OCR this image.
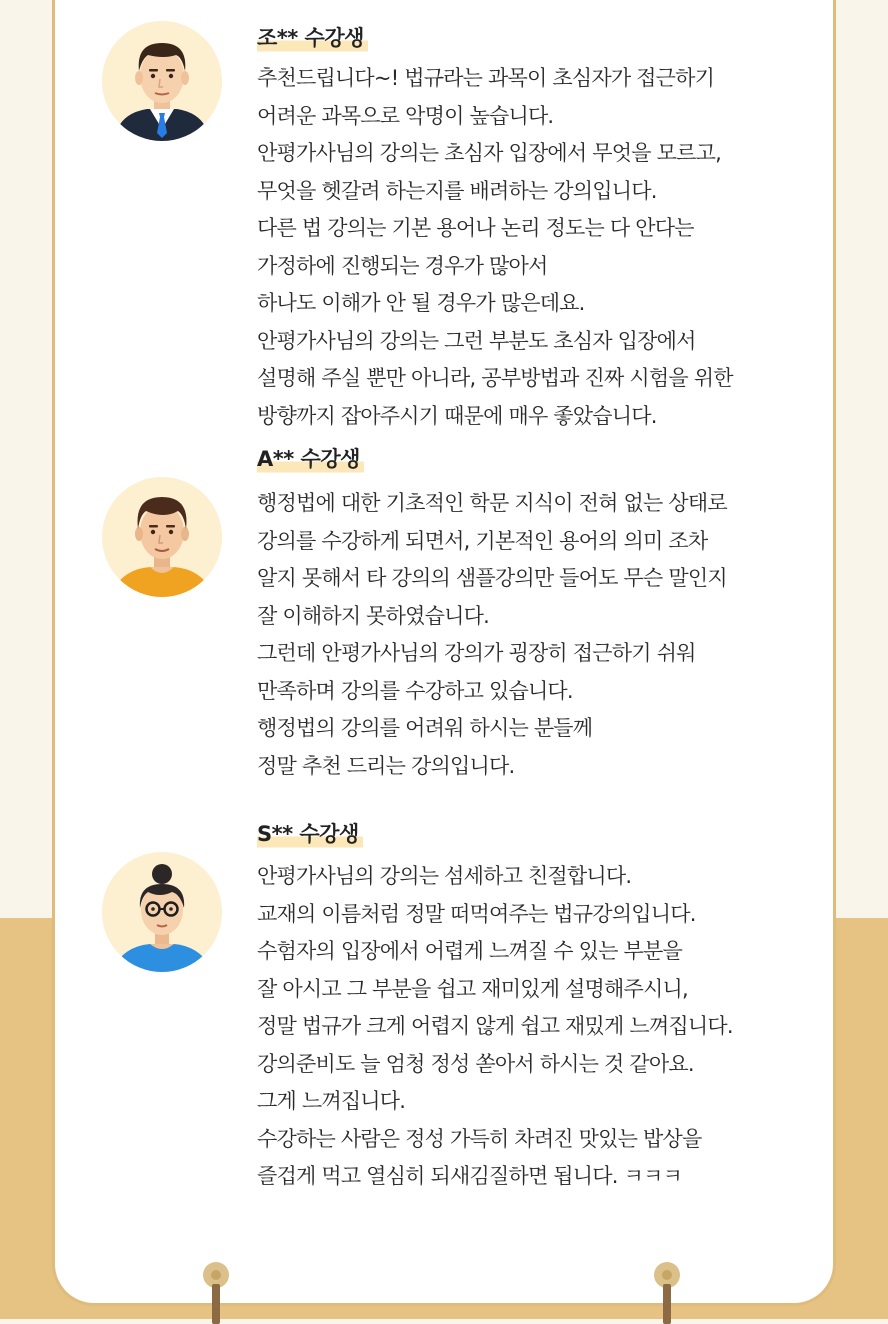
조** 수강생
추천드립니다~! 법규라는 과목이 초심자가 접근하기
어려운 과목으로 악명이 높습니다.
안평가사님의 강의는 초심자 입장에서 무엇을 모르고,
무엇을 헷갈려 하는지를 배려하는 강의입니다.
다른 법 강의는 기본 용어나 논리 정도는 다 안다는
가정하에 진행되는 경우가 많아서
하나도 이해가 안 될 경우가 많은데요.
안평가사님의 강의는 그런 부분도 초심자 입장에서
설명해 주실 뿐만 아니라, 공부방법과 진짜 시험을 위한
방향까지 잡아주시기 때문에 매우 좋았습니다.
A** 수강생
행정법에 대한 기초적인 학문 지식이 전혀 없는 상태로
강의를 수강하게 되면서, 기본적인 용어의 의미 조차
알지 못해서 타 강의의 샘플강의만 들어도 무슨 말인지
잘 이해하지 못하였습니다.
그런데 안평가사님의 강의가 굉장히 접근하기 쉬워
만족하며 강의를 수강하고 있습니다.
행정법의 강의를 어려워 하시는 분들께
정말 추천 드리는 강의입니다.
S** 수강생
안평가사님의 강의는 섬세하고 친절합니다.
교재의 이름처럼 정말 떠먹여주는 법규강의입니다.
수험자의 입장에서 어렵게 느껴질 수 있는 부분을
잘 아시고 그 부분을 쉽고 재미있게 설명해주시니,
정말 법규가 크게 어렵지 않게 쉽고 재밌게 느껴집니다.
강의준비도 늘 엄청 정성 쏟아서 하시는 것 같아요.
그게 느껴집니다.
수강하는 사람은 정성 가득히 차려진 맛있는 밥상을
즐겁게 먹고 열심히 되새김질하면 됩니다. ㅋㅋㅋ
